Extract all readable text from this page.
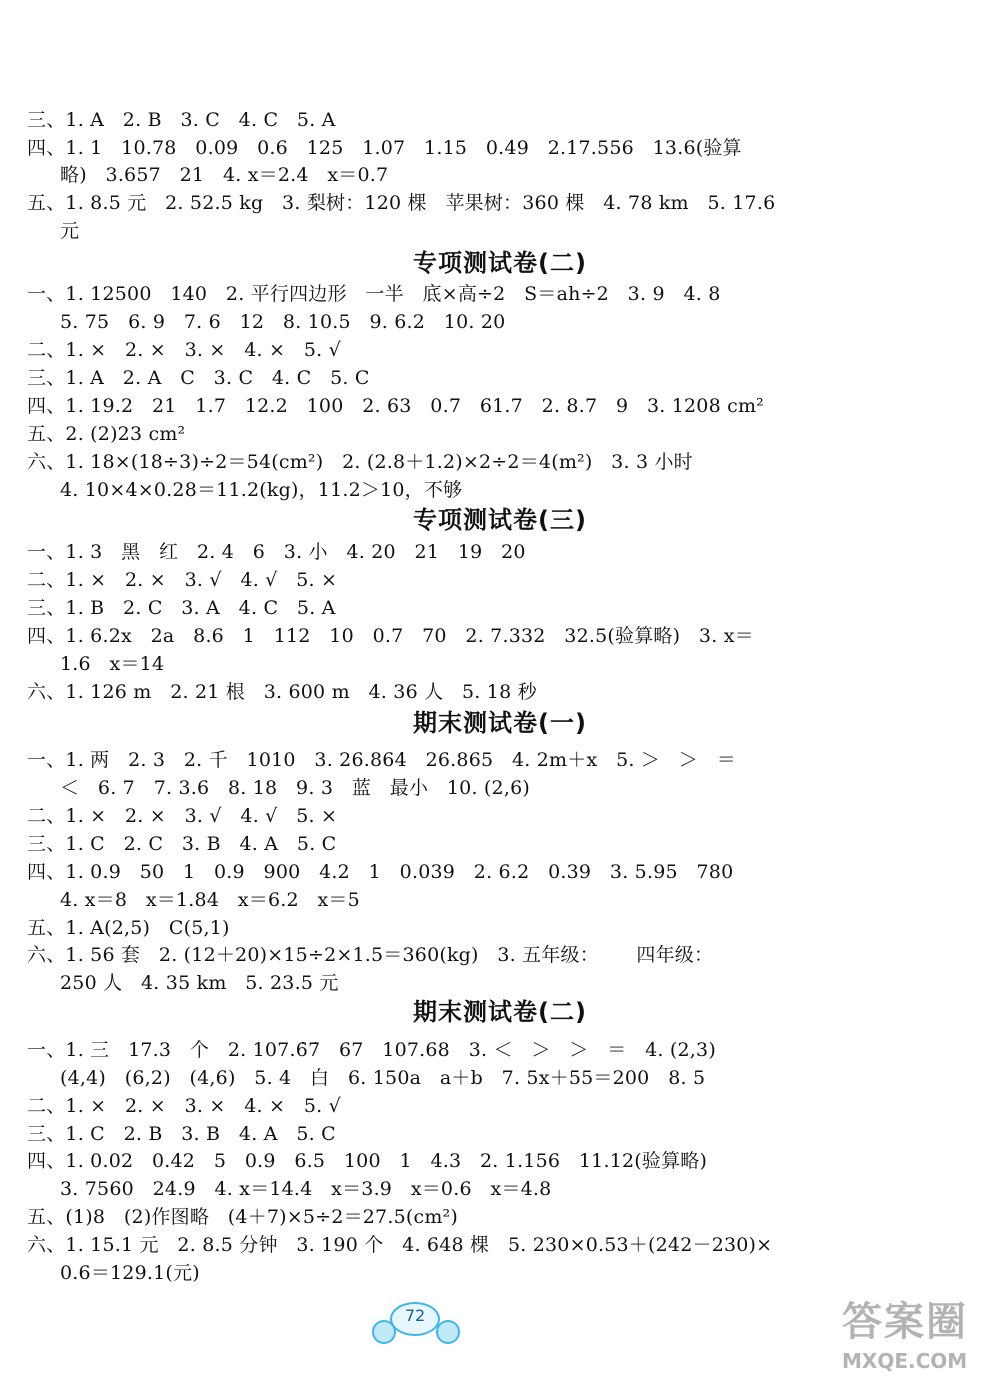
三、1. A   2. B   3. C   4. C   5. A
四、1. 1   10.78   0.09   0.6   125   1.07   1.15   0.49   2.17.556   13.6(验算
略)   3.657   21   4. x＝2.4   x＝0.7
五、1. 8.5 元   2. 52.5 kg   3. 梨树：120 棵   苹果树：360 棵   4. 78 km   5. 17.6
元
专项测试卷(二)
一、1. 12500   140   2. 平行四边形   一半   底×高÷2   S＝ah÷2   3. 9   4. 8
5. 75   6. 9   7. 6   12   8. 10.5   9. 6.2   10. 20
二、1. ×   2. ×   3. ×   4. ×   5. √
三、1. A   2. A   C   3. C   4. C   5. C
四、1. 19.2   21   1.7   12.2   100   2. 63   0.7   61.7   2. 8.7   9   3. 1208 cm²
五、2. (2)23 cm²
六、1. 18×(18÷3)÷2＝54(cm²)   2. (2.8＋1.2)×2÷2＝4(m²)   3. 3 小时
4. 10×4×0.28＝11.2(kg)，11.2＞10，不够
专项测试卷(三)
一、1. 3   黑   红   2. 4   6   3. 小   4. 20   21   19   20
二、1. ×   2. ×   3. √   4. √   5. ×
三、1. B   2. C   3. A   4. C   5. A
四、1. 6.2x   2a   8.6   1   112   10   0.7   70   2. 7.332   32.5(验算略)   3. x＝
1.6   x＝14
六、1. 126 m   2. 21 根   3. 600 m   4. 36 人   5. 18 秒
期末测试卷(一)
一、1. 两   2. 3   2. 千   1010   3. 26.864̇   26.865   4. 2m＋x   5. ＞   ＞   ＝
＜   6. 7   7. 3.6   8. 18   9. 3   蓝   最小   10. (2,6)
二、1. ×   2. ×   3. √   4. √   5. ×
三、1. C   2. C   3. B   4. A   5. C
四、1. 0.9   50   1   0.9   900   4.2   1   0.039   2. 6.2   0.39   3. 5.95   780
4. x＝8   x＝1.84   x＝6.2   x＝5
五、1. A(2,5)   C(5,1)
六、1. 56 套   2. (12＋20)×15÷2×1.5＝360(kg)   3. 五年级：      四年级：
250 人   4. 35 km   5. 23.5 元
期末测试卷(二)
一、1. 三   17.3   个   2. 107.6̇7̇   67   107.68   3. ＜   ＞   ＞   ＝   4. (2,3)
(4,4)   (6,2)   (4,6)   5. 4   白   6. 150a   a＋b   7. 5x＋55＝200   8. 5
二、1. ×   2. ×   3. ×   4. ×   5. √
三、1. C   2. B   3. B   4. A   5. C
四、1. 0.02   0.42   5   0.9   6.5   100   1   4.3   2. 1.156   11.12(验算略)
3. 7560   24.9   4. x＝14.4   x＝3.9   x＝0.6   x＝4.8
五、(1)8   (2)作图略   (4＋7)×5÷2＝27.5(cm²)
六、1. 15.1 元   2. 8.5 分钟   3. 190 个   4. 648 棵   5. 230×0.53＋(242－230)×
0.6＝129.1(元)
72	答案圈
MXQE.COM
